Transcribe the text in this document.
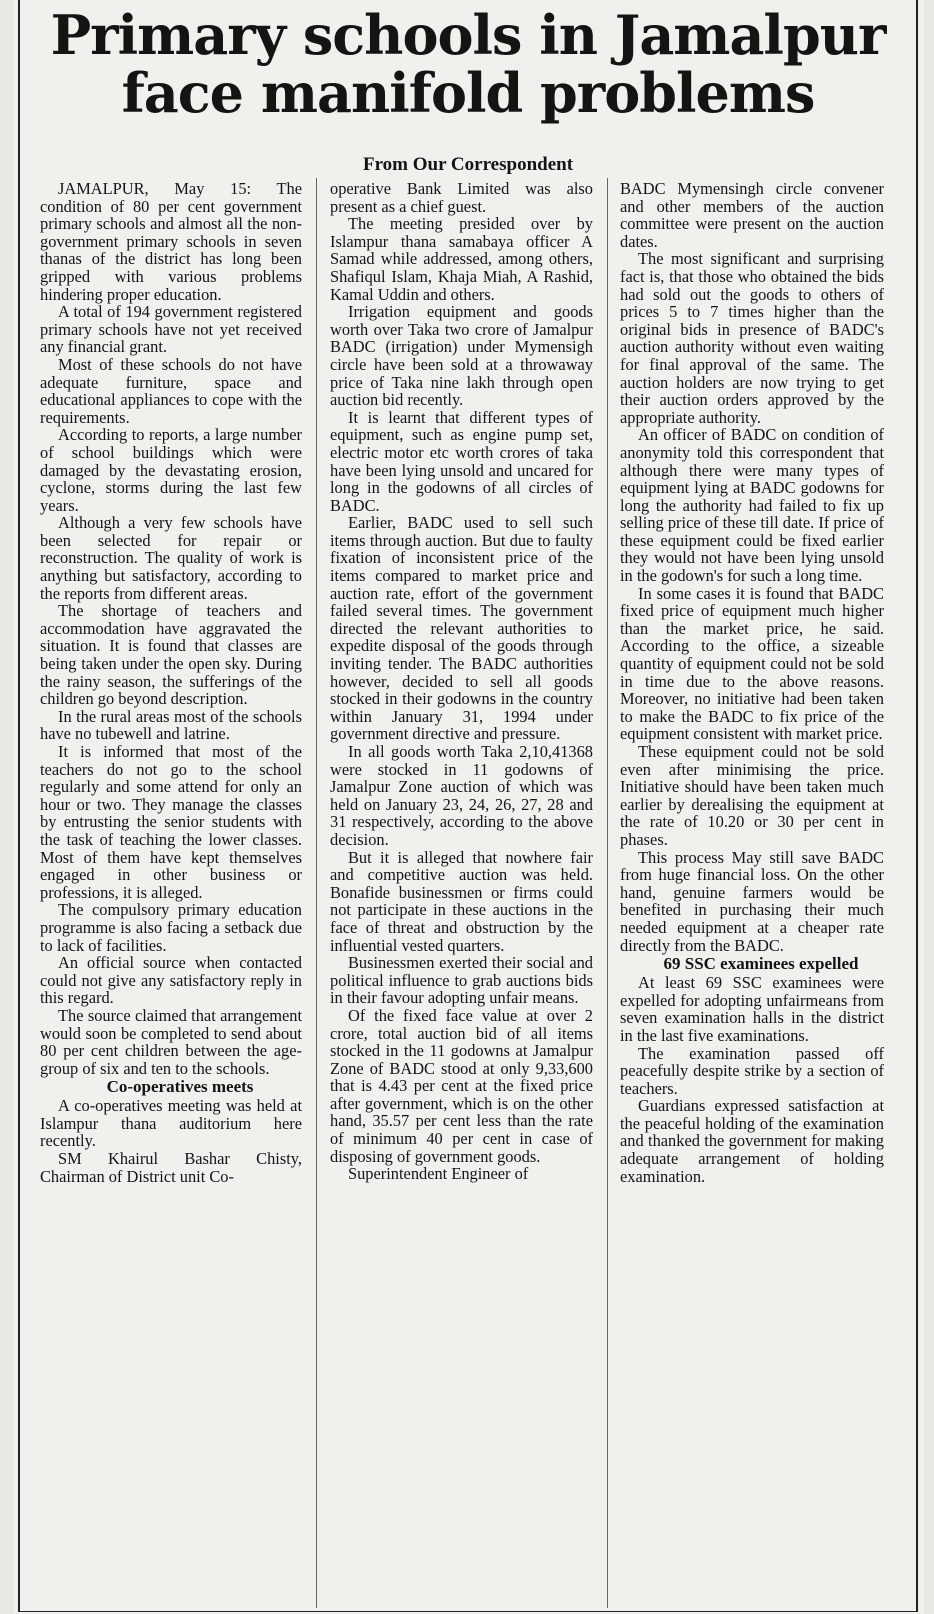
Primary schools in Jamalpur face manifold problems
From Our Correspondent

JAMALPUR, May 15: The condition of 80 per cent government primary schools and almost all the non-government primary schools in seven thanas of the district has long been gripped with various problems hindering proper education.

A total of 194 government registered primary schools have not yet received any financial grant.

Most of these schools do not have adequate furniture, space and educational appliances to cope with the requirements.

According to reports, a large number of school buildings which were damaged by the devastating erosion, cyclone, storms during the last few years.

Although a very few schools have been selected for repair or reconstruction. The quality of work is anything but satisfactory, according to the reports from different areas.

The shortage of teachers and accommodation have aggravated the situation. It is found that classes are being taken under the open sky. During the rainy season, the sufferings of the children go beyond description.

In the rural areas most of the schools have no tubewell and latrine.

It is informed that most of the teachers do not go to the school regularly and some attend for only an hour or two. They manage the classes by entrusting the senior students with the task of teaching the lower classes. Most of them have kept themselves engaged in other business or professions, it is alleged.

The compulsory primary education programme is also facing a setback due to lack of facilities.

An official source when contacted could not give any satisfactory reply in this regard.

The source claimed that arrangement would soon be completed to send about 80 per cent children between the age-group of six and ten to the schools.

Co-operatives meets

A co-operatives meeting was held at Islampur thana auditorium here recently.

SM Khairul Bashar Chisty, Chairman of District unit Co-

operative Bank Limited was also present as a chief guest.

The meeting presided over by Islampur thana samabaya officer A Samad while addressed, among others, Shafiqul Islam, Khaja Miah, A Rashid, Kamal Uddin and others.

Irrigation equipment and goods worth over Taka two crore of Jamalpur BADC (irrigation) under Mymensigh circle have been sold at a throwaway price of Taka nine lakh through open auction bid recently.

It is learnt that different types of equipment, such as engine pump set, electric motor etc worth crores of taka have been lying unsold and uncared for long in the godowns of all circles of BADC.

Earlier, BADC used to sell such items through auction. But due to faulty fixation of inconsistent price of the items compared to market price and auction rate, effort of the government failed several times. The government directed the relevant authorities to expedite disposal of the goods through inviting tender. The BADC authorities however, decided to sell all goods stocked in their godowns in the country within January 31, 1994 under government directive and pressure.

In all goods worth Taka 2,10,41368 were stocked in 11 godowns of Jamalpur Zone auction of which was held on January 23, 24, 26, 27, 28 and 31 respectively, according to the above decision.

But it is alleged that nowhere fair and competitive auction was held. Bonafide businessmen or firms could not participate in these auctions in the face of threat and obstruction by the influential vested quarters.

Businessmen exerted their social and political influence to grab auctions bids in their favour adopting unfair means.

Of the fixed face value at over 2 crore, total auction bid of all items stocked in the 11 godowns at Jamalpur Zone of BADC stood at only 9,33,600 that is 4.43 per cent at the fixed price after government, which is on the other hand, 35.57 per cent less than the rate of minimum 40 per cent in case of disposing of government goods.

Superintendent Engineer of

BADC Mymensingh circle convener and other members of the auction committee were present on the auction dates.

The most significant and surprising fact is, that those who obtained the bids had sold out the goods to others of prices 5 to 7 times higher than the original bids in presence of BADC's auction authority without even waiting for final approval of the same. The auction holders are now trying to get their auction orders approved by the appropriate authority.

An officer of BADC on condition of anonymity told this correspondent that although there were many types of equipment lying at BADC godowns for long the authority had failed to fix up selling price of these till date. If price of these equipment could be fixed earlier they would not have been lying unsold in the godown's for such a long time.

In some cases it is found that BADC fixed price of equipment much higher than the market price, he said. According to the office, a sizeable quantity of equipment could not be sold in time due to the above reasons. Moreover, no initiative had been taken to make the BADC to fix price of the equipment consistent with market price.

These equipment could not be sold even after minimising the price. Initiative should have been taken much earlier by derealising the equipment at the rate of 10.20 or 30 per cent in phases.

This process May still save BADC from huge financial loss. On the other hand, genuine farmers would be benefited in purchasing their much needed equipment at a cheaper rate directly from the BADC.

69 SSC examinees expelled

At least 69 SSC examinees were expelled for adopting unfairmeans from seven examination halls in the district in the last five examinations.

The examination passed off peacefully despite strike by a section of teachers.

Guardians expressed satisfaction at the peaceful holding of the examination and thanked the government for making adequate arrangement of holding examination.
